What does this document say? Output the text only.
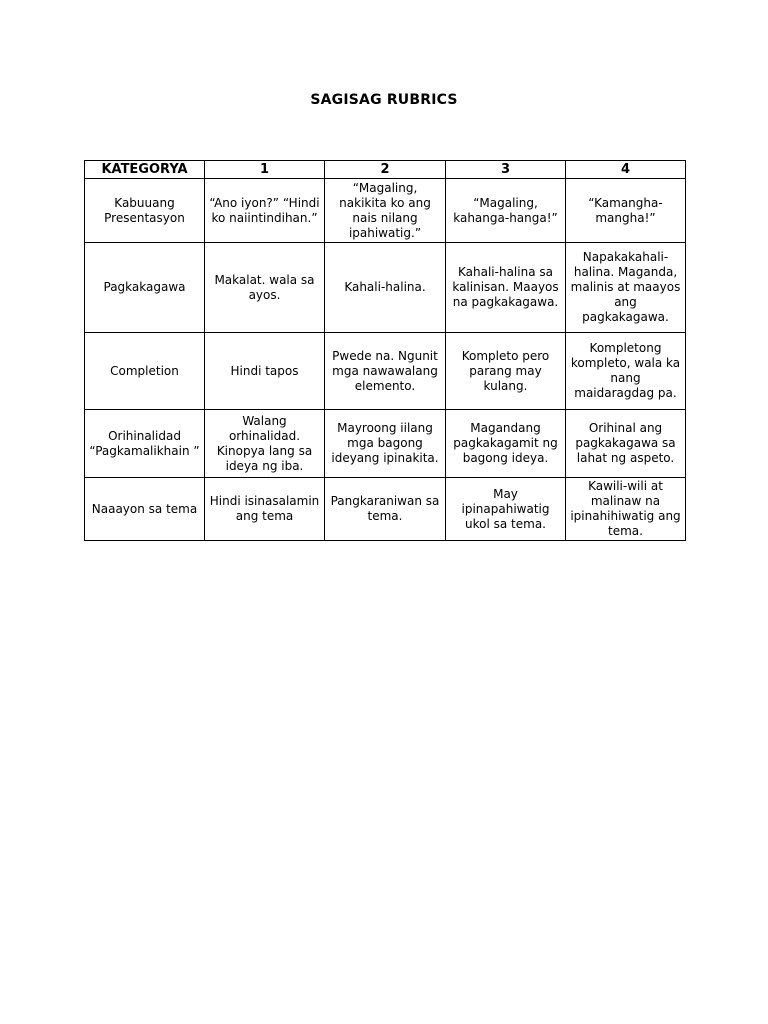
SAGISAG RUBRICS
KATEGORYA	1	2	3	4
Kabuuang Presentasyon	“Ano iyon?” “Hindi ko naiintindihan.”	“Magaling, nakikita ko ang nais nilang ipahiwatig.”	“Magaling, kahanga-hanga!”	“Kamangha-mangha!”
Pagkakagawa	Makalat. wala sa ayos.	Kahali-halina.	Kahali-halina sa kalinisan. Maayos na pagkakagawa.	Napakakahali-halina. Maganda, malinis at maayos ang pagkakagawa.
Completion	Hindi tapos	Pwede na. Ngunit mga nawawalang elemento.	Kompleto pero parang may kulang.	Kompletong kompleto, wala ka nang maidaragdag pa.
Orihinalidad “Pagkamalikhain ”	Walang orhinalidad. Kinopya lang sa ideya ng iba.	Mayroong iilang mga bagong ideyang ipinakita.	Magandang pagkakagamit ng bagong ideya.	Orihinal ang pagkakagawa sa lahat ng aspeto.
Naaayon sa tema	Hindi isinasalamin ang tema	Pangkaraniwan sa tema.	May ipinapahiwatig ukol sa tema.	Kawili-wili at malinaw na ipinahihiwatig ang tema.
